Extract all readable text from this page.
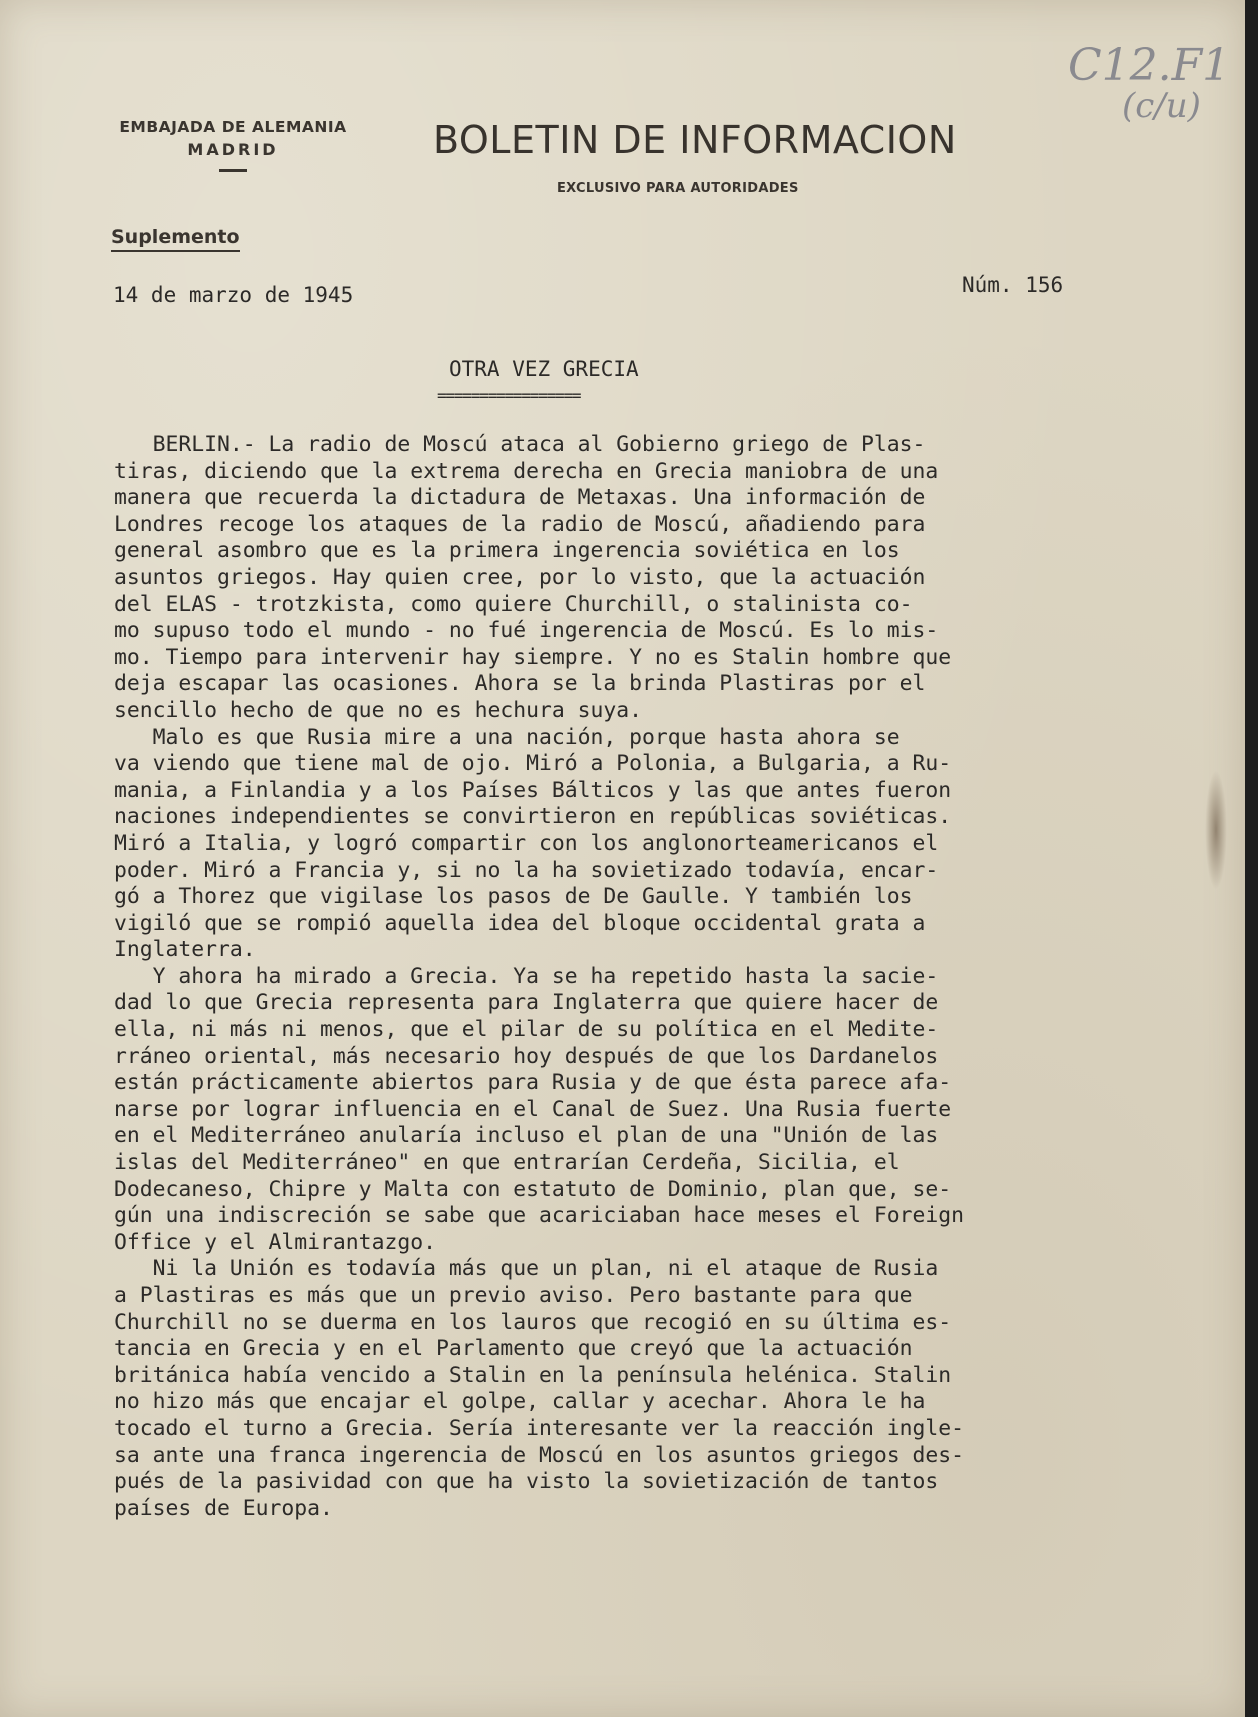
EMBAJADA DE ALEMANIA
MADRID	BOLETIN DE INFORMACION
EXCLUSIVO PARA AUTORIDADES
Suplemento
C12.F1
(c/u)
14 de marzo de 1945	Núm. 156
OTRA VEZ GRECIA
=================
BERLIN.- La radio de Moscú ataca al Gobierno griego de Plas-
tiras, diciendo que la extrema derecha en Grecia maniobra de una
manera que recuerda la dictadura de Metaxas. Una información de
Londres recoge los ataques de la radio de Moscú, añadiendo para
general asombro que es la primera ingerencia soviética en los
asuntos griegos. Hay quien cree, por lo visto, que la actuación
del ELAS - trotzkista, como quiere Churchill, o stalinista co-
mo supuso todo el mundo - no fué ingerencia de Moscú. Es lo mis-
mo. Tiempo para intervenir hay siempre. Y no es Stalin hombre que
deja escapar las ocasiones. Ahora se la brinda Plastiras por el
sencillo hecho de que no es hechura suya.
Malo es que Rusia mire a una nación, porque hasta ahora se
va viendo que tiene mal de ojo. Miró a Polonia, a Bulgaria, a Ru-
mania, a Finlandia y a los Países Bálticos y las que antes fueron
naciones independientes se convirtieron en repúblicas soviéticas.
Miró a Italia, y logró compartir con los anglonorteamericanos el
poder. Miró a Francia y, si no la ha sovietizado todavía, encar-
gó a Thorez que vigilase los pasos de De Gaulle. Y también los
vigiló que se rompió aquella idea del bloque occidental grata a
Inglaterra.
Y ahora ha mirado a Grecia. Ya se ha repetido hasta la sacie-
dad lo que Grecia representa para Inglaterra que quiere hacer de
ella, ni más ni menos, que el pilar de su política en el Medite-
rráneo oriental, más necesario hoy después de que los Dardanelos
están prácticamente abiertos para Rusia y de que ésta parece afa-
narse por lograr influencia en el Canal de Suez. Una Rusia fuerte
en el Mediterráneo anularía incluso el plan de una "Unión de las
islas del Mediterráneo" en que entrarían Cerdeña, Sicilia, el
Dodecaneso, Chipre y Malta con estatuto de Dominio, plan que, se-
gún una indiscreción se sabe que acariciaban hace meses el Foreign
Office y el Almirantazgo.
Ni la Unión es todavía más que un plan, ni el ataque de Rusia
a Plastiras es más que un previo aviso. Pero bastante para que
Churchill no se duerma en los lauros que recogió en su última es-
tancia en Grecia y en el Parlamento que creyó que la actuación
británica había vencido a Stalin en la península helénica. Stalin
no hizo más que encajar el golpe, callar y acechar. Ahora le ha
tocado el turno a Grecia. Sería interesante ver la reacción ingle-
sa ante una franca ingerencia de Moscú en los asuntos griegos des-
pués de la pasividad con que ha visto la sovietización de tantos
países de Europa.
